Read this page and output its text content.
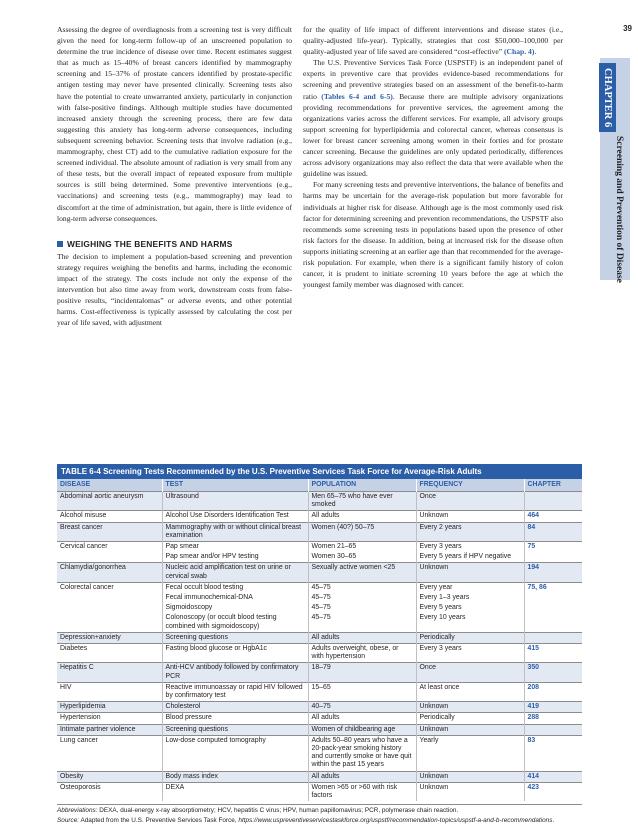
39
CHAPTER 6
Screening and Prevention of Disease

Assessing the degree of overdiagnosis from a screening test is very difficult given the need for long-term follow-up of an unscreened population to determine the true incidence of disease over time. Recent estimates suggest that as much as 15–40% of breast cancers identified by mammography screening and 15–37% of prostate cancers identified by prostate-specific antigen testing may never have presented clinically. Screening tests also have the potential to create unwarranted anxiety, particularly in conjunction with false-positive findings. Although multiple studies have documented increased anxiety through the screening process, there are few data suggesting this anxiety has long-term adverse consequences, including subsequent screening behavior. Screening tests that involve radiation (e.g., mammography, chest CT) add to the cumulative radiation exposure for the screened individual. The absolute amount of radiation is very small from any of these tests, but the overall impact of repeated exposure from multiple sources is still being determined. Some preventive interventions (e.g., vaccinations) and screening tests (e.g., mammography) may lead to discomfort at the time of administration, but again, there is little evidence of long-term adverse consequences.

WEIGHING THE BENEFITS AND HARMS

The decision to implement a population-based screening and prevention strategy requires weighing the benefits and harms, including the economic impact of the strategy. The costs include not only the expense of the intervention but also time away from work, downstream costs from false-positive results, “incidentalomas” or adverse events, and other potential harms. Cost-effectiveness is typically assessed by calculating the cost per year of life saved, with adjustment

for the quality of life impact of different interventions and disease states (i.e., quality-adjusted life-year). Typically, strategies that cost $50,000–100,000 per quality-adjusted year of life saved are considered “cost-effective” (Chap. 4).

The U.S. Preventive Services Task Force (USPSTF) is an independent panel of experts in preventive care that provides evidence-based recommendations for screening and preventive strategies based on an assessment of the benefit-to-harm ratio (Tables 6-4 and 6-5). Because there are multiple advisory organizations providing recommendations for preventive services, the agreement among the organizations varies across the different services. For example, all advisory groups support screening for hyperlipidemia and colorectal cancer, whereas consensus is lower for breast cancer screening among women in their forties and for prostate cancer screening. Because the guidelines are only updated periodically, differences across advisory organizations may also reflect the data that were available when the guideline was issued.

For many screening tests and preventive interventions, the balance of benefits and harms may be uncertain for the average-risk population but more favorable for individuals at higher risk for disease. Although age is the most commonly used risk factor for determining screening and prevention recommendations, the USPSTF also recommends some screening tests in populations based upon the presence of other risk factors for the disease. In addition, being at increased risk for the disease often supports initiating screening at an earlier age than that recommended for the average-risk population. For example, when there is a significant family history of colon cancer, it is prudent to initiate screening 10 years before the age at which the youngest family member was diagnosed with cancer.

TABLE 6-4 Screening Tests Recommended by the U.S. Preventive Services Task Force for Average-Risk Adults
DISEASE	TEST	POPULATION	FREQUENCY	CHAPTER
Abdominal aortic aneurysm	Ultrasound	Men 65–75 who have ever smoked	Once	
Alcohol misuse	Alcohol Use Disorders Identification Test	All adults	Unknown	464
Breast cancer	Mammography with or without clinical breast examination	Women (40?) 50–75	Every 2 years	84
Cervical cancer	Pap smear	Women 21–65	Every 3 years	75
	Pap smear and/or HPV testing	Women 30–65	Every 5 years if HPV negative	
Chlamydia/gonorrhea	Nucleic acid amplification test on urine or cervical swab	Sexually active women <25	Unknown	194
Colorectal cancer	Fecal occult blood testing	45–75	Every year	75, 86
	Fecal immunochemical-DNA	45–75	Every 1–3 years	
	Sigmoidoscopy	45–75	Every 5 years	
	Colonoscopy (or occult blood testing combined with sigmoidoscopy)	45–75	Every 10 years	
Depression+anxiety	Screening questions	All adults	Periodically	
Diabetes	Fasting blood glucose or HgbA1c	Adults overweight, obese, or with hypertension	Every 3 years	415
Hepatitis C	Anti-HCV antibody followed by confirmatory PCR	18–79	Once	350
HIV	Reactive immunoassay or rapid HIV followed by confirmatory test	15–65	At least once	208
Hyperlipidemia	Cholesterol	40–75	Unknown	419
Hypertension	Blood pressure	All adults	Periodically	288
Intimate partner violence	Screening questions	Women of childbearing age	Unknown	
Lung cancer	Low-dose computed tomography	Adults 50–80 years who have a 20-pack-year smoking history and currently smoke or have quit within the past 15 years	Yearly	83
Obesity	Body mass index	All adults	Unknown	414
Osteoporosis	DEXA	Women >65 or >60 with risk factors	Unknown	423

Abbreviations: DEXA, dual-energy x-ray absorptiometry; HCV, hepatitis C virus; HPV, human papillomavirus; PCR, polymerase chain reaction.

Source: Adapted from the U.S. Preventive Services Task Force, https://www.uspreventiveservicestaskforce.org/uspstf/recommendation-topics/uspstf-a-and-b-recommendations.
